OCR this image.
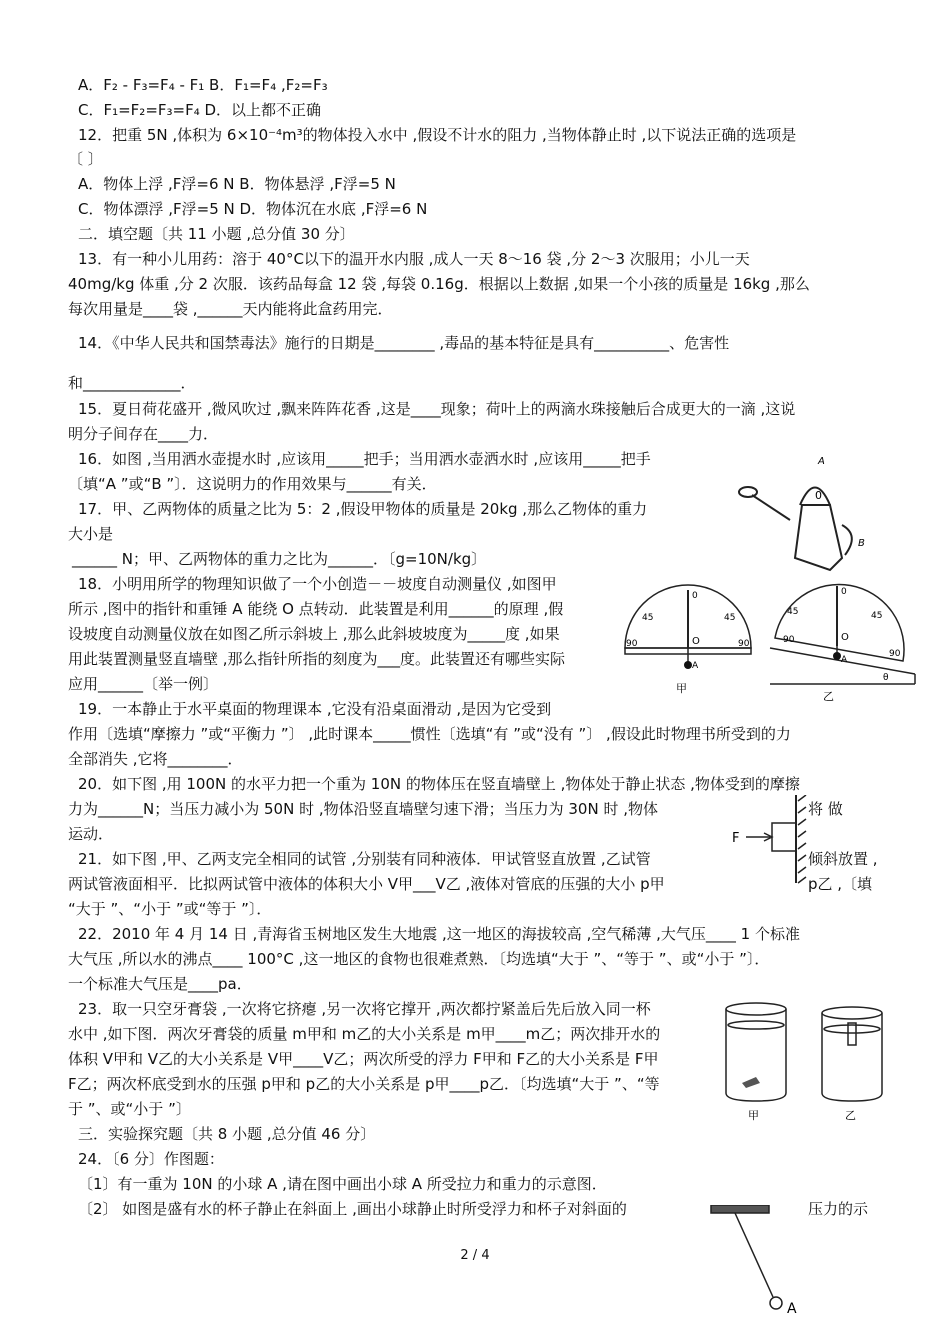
A．F₂ - F₃=F₄ - F₁ B．F₁=F₄ ,F₂=F₃
C．F₁=F₂=F₃=F₄ D．以上都不正确
12．把重 5N ,体积为 6×10⁻⁴m³的物体投入水中 ,假设不计水的阻力 ,当物体静止时 ,以下说法正确的选项是
〔 〕
A．物体上浮 ,F浮=6 N B．物体悬浮 ,F浮=5 N
C．物体漂浮 ,F浮=5 N D．物体沉在水底 ,F浮=6 N
二．填空题〔共 11 小题 ,总分值 30 分〕
13．有一种小儿用药：溶于 40°C以下的温开水内服 ,成人一天 8～16 袋 ,分 2～3 次服用；小儿一天
40mg/kg 体重 ,分 2 次服．该药品每盒 12 袋 ,每袋 0.16g．根据以上数据 ,如果一个小孩的质量是 16kg ,那么
每次用量是____袋 ,______天内能将此盒药用完．
14．《中华人民共和国禁毒法》施行的日期是________ ,毒品的基本特征是具有__________、危害性
和_____________．
15．夏日荷花盛开 ,微风吹过 ,飘来阵阵花香 ,这是____现象；荷叶上的两滴水珠接触后合成更大的一滴 ,这说
明分子间存在____力．
16．如图 ,当用洒水壶提水时 ,应该用_____把手；当用洒水壶洒水时 ,应该用_____把手
〔填“A ”或“B ”〕．这说明力的作用效果与______有关．
17．甲、乙两物体的质量之比为 5：2 ,假设甲物体的质量是 20kg ,那么乙物体的重力
大小是
______ N；甲、乙两物体的重力之比为______．〔g=10N/kg〕
18．小明用所学的物理知识做了一个小创造－－坡度自动测量仪 ,如图甲
所示 ,图中的指针和重锤 A 能绕 O 点转动．此装置是利用______的原理 ,假
设坡度自动测量仪放在如图乙所示斜坡上 ,那么此斜坡坡度为_____度 ,如果
用此装置测量竖直墙壁 ,那么指针所指的刻度为___度。此装置还有哪些实际
应用______〔举一例〕
19．一本静止于水平桌面的物理课本 ,它没有沿桌面滑动 ,是因为它受到
作用〔选填“摩擦力 ”或“平衡力 ”〕 ,此时课本_____惯性〔选填“有 ”或“没有 ”〕 ,假设此时物理书所受到的力
全部消失 ,它将________．
20．如下图 ,用 100N 的水平力把一个重为 10N 的物体压在竖直墙壁上 ,物体处于静止状态 ,物体受到的摩擦
力为______N；当压力减小为 50N 时 ,物体沿竖直墙壁匀速下滑；当压力为 30N 时 ,物体	将 做
运动．
21．如下图 ,甲、乙两支完全相同的试管 ,分别装有同种液体．甲试管竖直放置 ,乙试管	倾斜放置 ,
两试管液面相平．比拟两试管中液体的体积大小 V甲___V乙 ,液体对管底的压强的大小 p甲	p乙 ,〔填
“大于 ”、“小于 ”或“等于 ”〕．
22．2010 年 4 月 14 日 ,青海省玉树地区发生大地震 ,这一地区的海拔较高 ,空气稀薄 ,大气压____ 1 个标准
大气压 ,所以水的沸点____ 100°C ,这一地区的食物也很难煮熟．〔均选填“大于 ”、“等于 ”、或“小于 ”〕．
一个标准大气压是____pa．
23．取一只空牙膏袋 ,一次将它挤瘪 ,另一次将它撑开 ,两次都拧紧盖后先后放入同一杯
水中 ,如下图．两次牙膏袋的质量 m甲和 m乙的大小关系是 m甲____m乙；两次排开水的
体积 V甲和 V乙的大小关系是 V甲____V乙；两次所受的浮力 F甲和 F乙的大小关系是 F甲
F乙；两次杯底受到水的压强 p甲和 p乙的大小关系是 p甲____p乙．〔均选填“大于 ”、“等
于 ”、或“小于 ”〕
三．实验探究题〔共 8 小题 ,总分值 46 分〕
24．〔6 分〕作图题：
〔1〕有一重为 10N 的小球 A ,请在图中画出小球 A 所受拉力和重力的示意图．
〔2〕 如图是盛有水的杯子静止在斜面上 ,画出小球静止时所受浮力和杯子对斜面的	压力的示
A
B
0
45	45
0
90	90
O
A
甲
45	45
0
90
90
O
A
θ
乙
F
甲	乙
A
2 / 4
